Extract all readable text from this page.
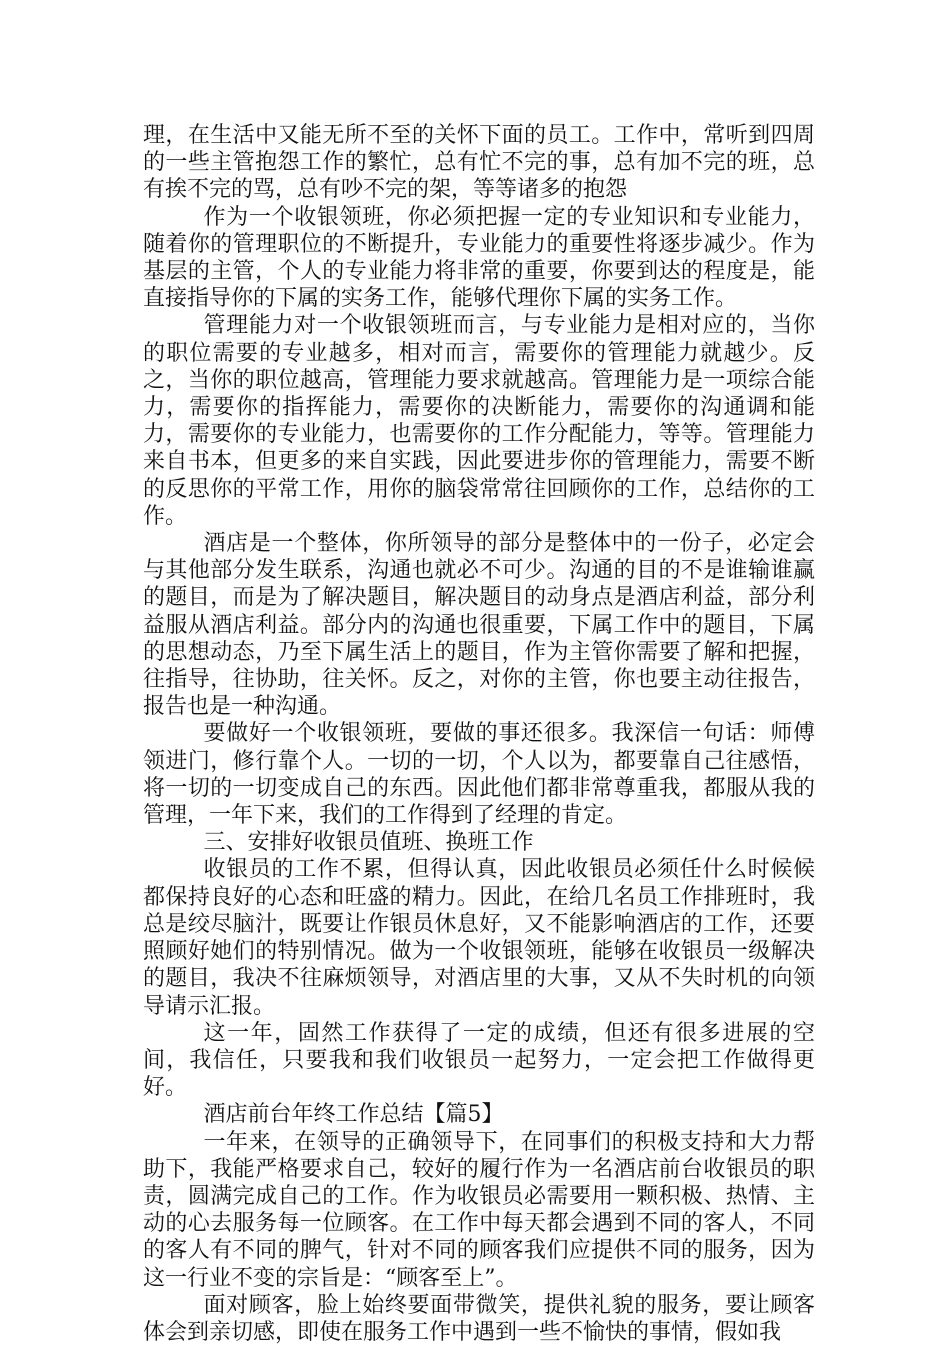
理，在生活中又能无所不至的关怀下面的员工。工作中，常听到四周的一些主管抱怨工作的繁忙，总有忙不完的事，总有加不完的班，总有挨不完的骂，总有吵不完的架，等等诸多的抱怨

作为一个收银领班，你必须把握一定的专业知识和专业能力，随着你的管理职位的不断提升，专业能力的重要性将逐步减少。作为基层的主管，个人的专业能力将非常的重要，你要到达的程度是，能直接指导你的下属的实务工作，能够代理你下属的实务工作。

管理能力对一个收银领班而言，与专业能力是相对应的，当你的职位需要的专业越多，相对而言，需要你的管理能力就越少。反之，当你的职位越高，管理能力要求就越高。管理能力是一项综合能力，需要你的指挥能力，需要你的决断能力，需要你的沟通调和能力，需要你的专业能力，也需要你的工作分配能力，等等。管理能力来自书本，但更多的来自实践，因此要进步你的管理能力，需要不断的反思你的平常工作，用你的脑袋常常往回顾你的工作，总结你的工作。

酒店是一个整体，你所领导的部分是整体中的一份子，必定会与其他部分发生联系，沟通也就必不可少。沟通的目的不是谁输谁赢的题目，而是为了解决题目，解决题目的动身点是酒店利益，部分利益服从酒店利益。部分内的沟通也很重要，下属工作中的题目，下属的思想动态，乃至下属生活上的题目，作为主管你需要了解和把握，往指导，往协助，往关怀。反之，对你的主管，你也要主动往报告，报告也是一种沟通。

要做好一个收银领班，要做的事还很多。我深信一句话：师傅领进门，修行靠个人。一切的一切，个人以为，都要靠自己往感悟，将一切的一切变成自己的东西。因此他们都非常尊重我，都服从我的管理，一年下来，我们的工作得到了经理的肯定。

三、安排好收银员值班、换班工作

收银员的工作不累，但得认真，因此收银员必须任什么时候候都保持良好的心态和旺盛的精力。因此，在给几名员工作排班时，我总是绞尽脑汁，既要让作银员休息好，又不能影响酒店的工作，还要照顾好她们的特别情况。做为一个收银领班，能够在收银员一级解决的题目，我决不往麻烦领导，对酒店里的大事，又从不失时机的向领导请示汇报。

这一年，固然工作获得了一定的成绩，但还有很多进展的空间，我信任，只要我和我们收银员一起努力，一定会把工作做得更好。

酒店前台年终工作总结【篇5】

一年来，在领导的正确领导下，在同事们的积极支持和大力帮助下，我能严格要求自己，较好的履行作为一名酒店前台收银员的职责，圆满完成自己的工作。作为收银员必需要用一颗积极、热情、主动的心去服务每一位顾客。在工作中每天都会遇到不同的客人，不同的客人有不同的脾气，针对不同的顾客我们应提供不同的服务，因为这一行业不变的宗旨是：“顾客至上”。

面对顾客，脸上始终要面带微笑，提供礼貌的服务，要让顾客体会到亲切感，即使在服务工作中遇到一些不愉快的事情，假如我
